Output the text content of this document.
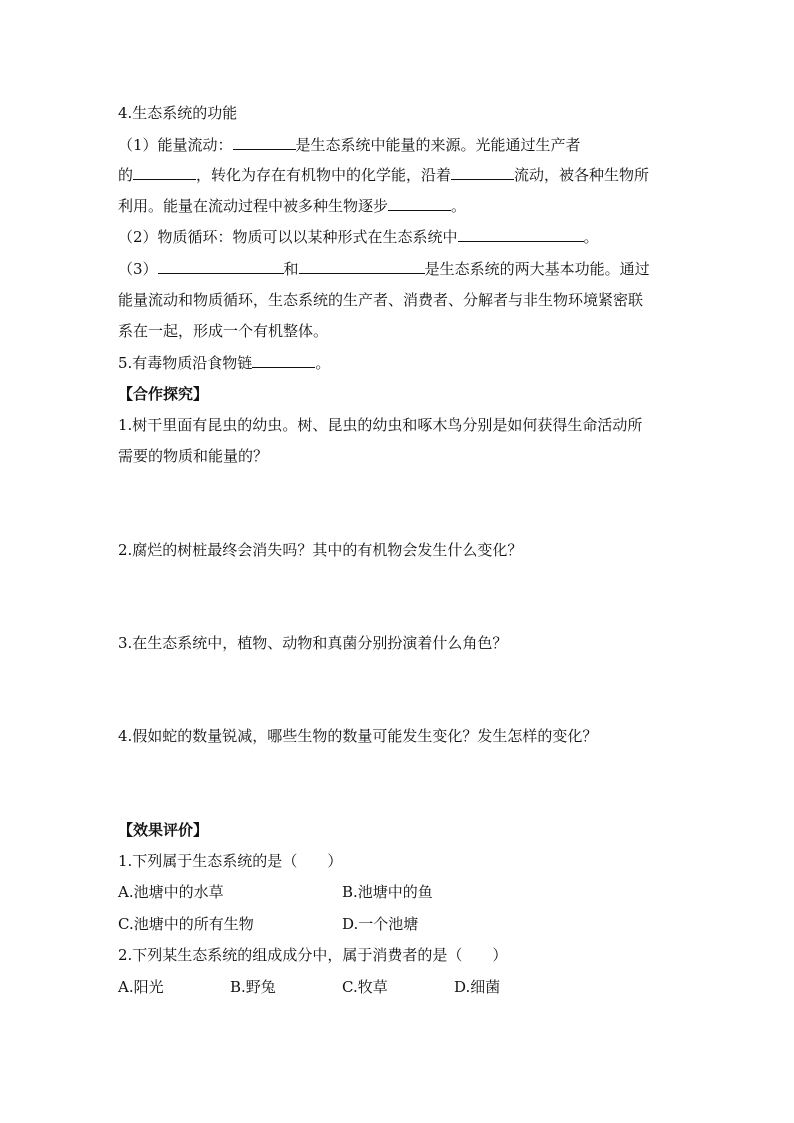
4.生态系统的功能
（1）能量流动：	是生态系统中能量的来源。光能通过生产者
的	，转化为存在有机物中的化学能，沿着	流动，被各种生物所
利用。能量在流动过程中被多种生物逐步	。
（2）物质循环：物质可以以某种形式在生态系统中	。
（3）	和	是生态系统的两大基本功能。通过
能量流动和物质循环，生态系统的生产者、消费者、分解者与非生物环境紧密联
系在一起，形成一个有机整体。
5.有毒物质沿食物链	。
【合作探究】
1.树干里面有昆虫的幼虫。树、昆虫的幼虫和啄木鸟分别是如何获得生命活动所
需要的物质和能量的？
2.腐烂的树桩最终会消失吗？其中的有机物会发生什么变化？
3.在生态系统中，植物、动物和真菌分别扮演着什么角色？
4.假如蛇的数量锐减，哪些生物的数量可能发生变化？发生怎样的变化？
【效果评价】
1.下列属于生态系统的是（　　）
A.池塘中的水草	B.池塘中的鱼
C.池塘中的所有生物	D.一个池塘
2.下列某生态系统的组成成分中，属于消费者的是（　　）
A.阳光	B.野兔	C.牧草	D.细菌
